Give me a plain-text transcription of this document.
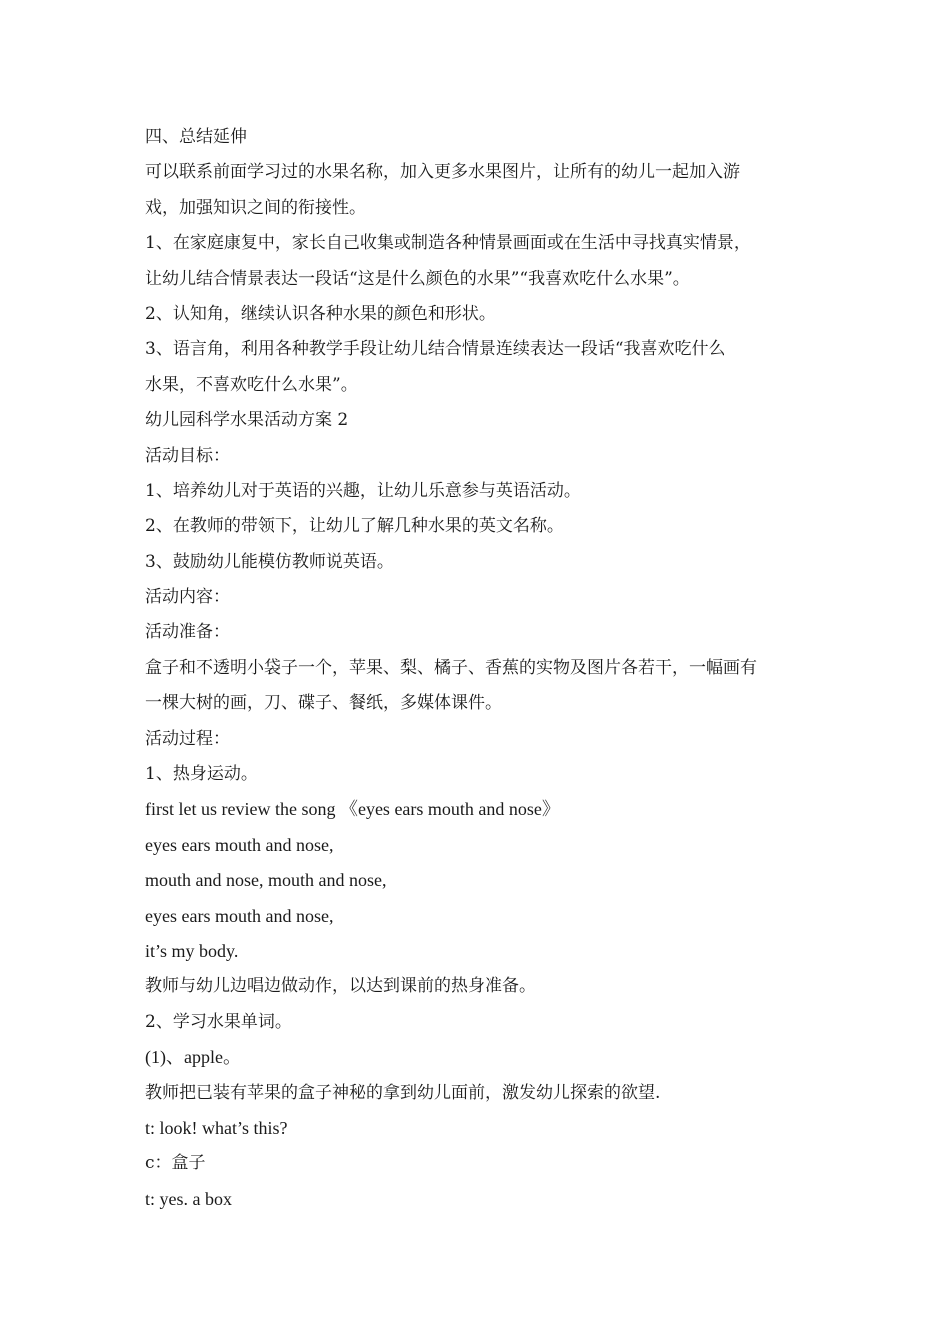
四、总结延伸
可以联系前面学习过的水果名称，加入更多水果图片，让所有的幼儿一起加入游
戏，加强知识之间的衔接性。
1、在家庭康复中，家长自己收集或制造各种情景画面或在生活中寻找真实情景，
让幼儿结合情景表达一段话“这是什么颜色的水果”“我喜欢吃什么水果”。
2、认知角，继续认识各种水果的颜色和形状。
3、语言角，利用各种教学手段让幼儿结合情景连续表达一段话“我喜欢吃什么
水果，不喜欢吃什么水果”。
幼儿园科学水果活动方案 2
活动目标：
1、培养幼儿对于英语的兴趣，让幼儿乐意参与英语活动。
2、在教师的带领下，让幼儿了解几种水果的英文名称。
3、鼓励幼儿能模仿教师说英语。
活动内容：
活动准备：
盒子和不透明小袋子一个，苹果、梨、橘子、香蕉的实物及图片各若干，一幅画有
一棵大树的画，刀、碟子、餐纸，多媒体课件。
活动过程：
1、热身运动。
first let us review the song 《eyes ears mouth and nose》
eyes ears mouth and nose,
mouth and nose, mouth and nose,
eyes ears mouth and nose,
it’s my body.
教师与幼儿边唱边做动作，以达到课前的热身准备。
2、学习水果单词。
(1)、apple。
教师把已装有苹果的盒子神秘的拿到幼儿面前，激发幼儿探索的欲望.
t: look! what’s this?
c：盒子
t: yes. a box
